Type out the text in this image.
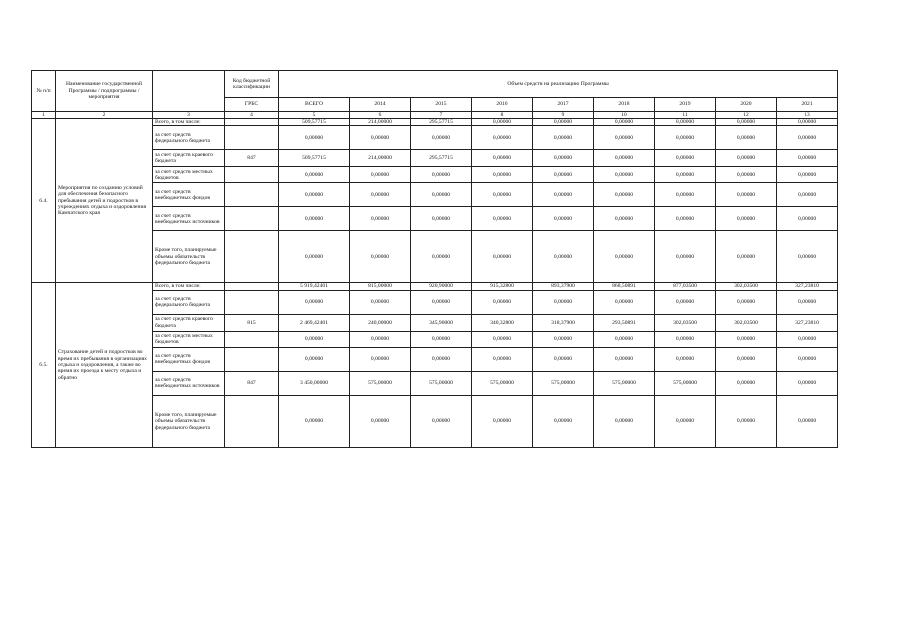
№ п/п	Наименование государственной Программы / подпрограммы / мероприятия		Код бюджетной классификации	Объем средств на реализацию Программы								
			ГРБС	ВСЕГО	2014	2015	2016	2017	2018	2019	2020	2021
1	2	3	4	5	6	7	8	9	10	11	12	13
6.4.	Мероприятия по созданию условий для обеспечения безопасного пребывания детей и подростков в учреждениях отдыха и оздоровления Камчатского края	Всего, в том числе:		509,57715	214,00000	295,57715	0,00000	0,00000	0,00000	0,00000	0,00000	0,00000
		за счет средств федерального бюджета		0,00000	0,00000	0,00000	0,00000	0,00000	0,00000	0,00000	0,00000	0,00000
		за счет средств краевого бюджета	847	509,57715	214,00000	295,57715	0,00000	0,00000	0,00000	0,00000	0,00000	0,00000
		за счет средств местных бюджетов		0,00000	0,00000	0,00000	0,00000	0,00000	0,00000	0,00000	0,00000	0,00000
		за счет средств внебюджетных фондов		0,00000	0,00000	0,00000	0,00000	0,00000	0,00000	0,00000	0,00000	0,00000
		за счет средств внебюджетных источников		0,00000	0,00000	0,00000	0,00000	0,00000	0,00000	0,00000	0,00000	0,00000
		Кроме того, планируемые объемы обязательств федерального бюджета		0,00000	0,00000	0,00000	0,00000	0,00000	0,00000	0,00000	0,00000	0,00000
6.5.	Страхование детей и подростков во время их пребывания в организациях отдыха и оздоровления, а также во время их проезда к месту отдыха и обратно	Всего, в том числе:		5 919,42401	815,00000	920,90000	915,32800	893,37900	868,50891	877,03500	302,03500	327,23810
		за счет средств федерального бюджета		0,00000	0,00000	0,00000	0,00000	0,00000	0,00000	0,00000	0,00000	0,00000
		за счет средств краевого бюджета	815	2 469,42401	240,00000	345,90000	340,32800	318,37900	293,50891	302,03500	302,03500	327,23810
		за счет средств местных бюджетов		0,00000	0,00000	0,00000	0,00000	0,00000	0,00000	0,00000	0,00000	0,00000
		за счет средств внебюджетных фондов		0,00000	0,00000	0,00000	0,00000	0,00000	0,00000	0,00000	0,00000	0,00000
		за счет средств внебюджетных источников	847	3 450,00000	575,00000	575,00000	575,00000	575,00000	575,00000	575,00000	0,00000	0,00000
		Кроме того, планируемые объемы обязательств федерального бюджета		0,00000	0,00000	0,00000	0,00000	0,00000	0,00000	0,00000	0,00000	0,00000
